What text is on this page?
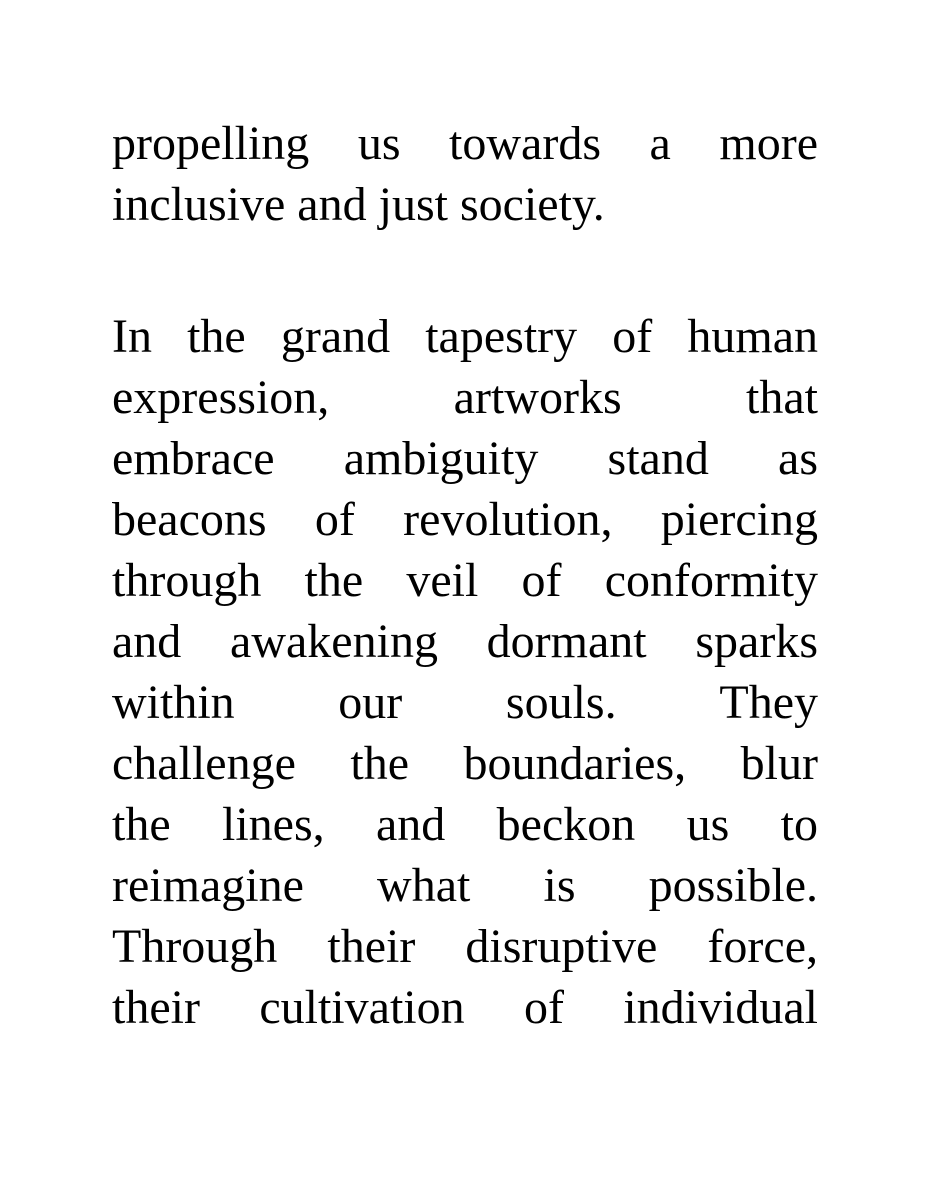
propelling us towards a more
inclusive and just society.
In the grand tapestry of human
expression, artworks that
embrace ambiguity stand as
beacons of revolution, piercing
through the veil of conformity
and awakening dormant sparks
within our souls. They
challenge the boundaries, blur
the lines, and beckon us to
reimagine what is possible.
Through their disruptive force,
their cultivation of individual
